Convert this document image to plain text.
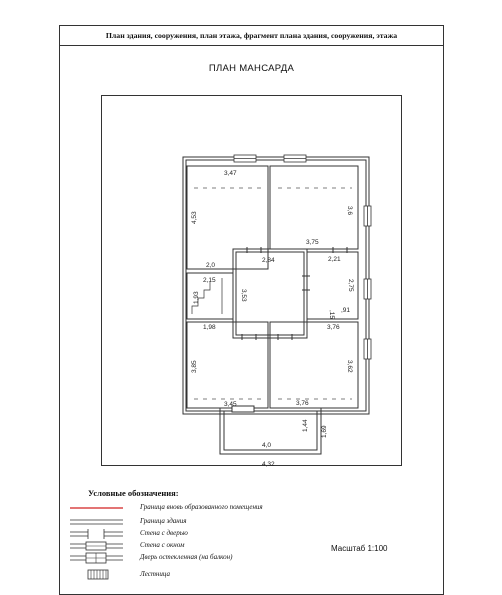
План здания, сооружения, план этажа, фрагмент плана здания, сооружения, этажа
ПЛАН МАНСАРДА
3,47
4,53
3,6
3,75
2,84
3,53
2,21
2,75
,91
,15
2,0
2,15
1,93
1,98	3,76
3,85	3,62
3,45	3,76
4,0
1,44 1,69
4,32
Условные обозначения:
Граница вновь образованного помещения
Граница здания
Стена с дверью
Стена с окном
Дверь остекленная (на балкон)
Лестница
Масштаб 1:100
